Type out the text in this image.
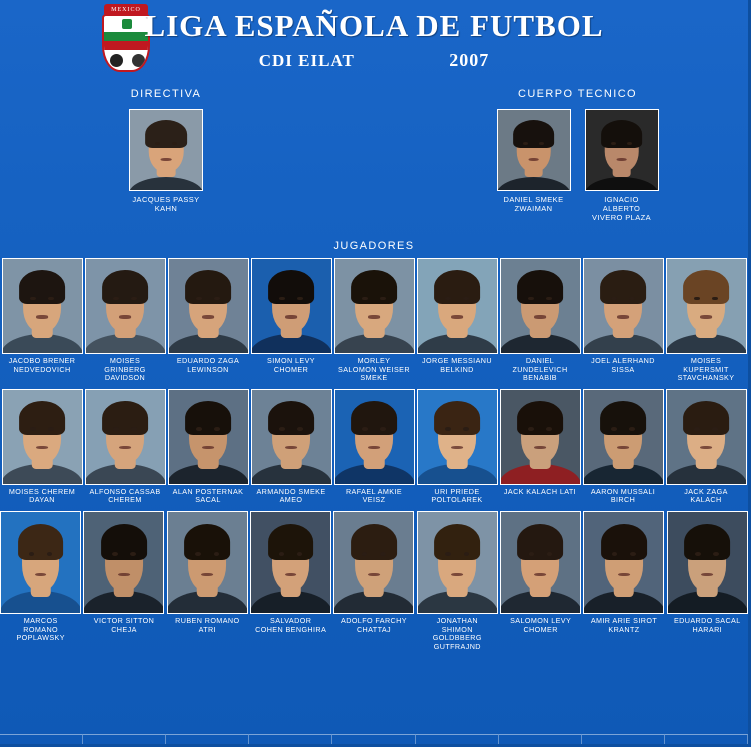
MEXICO LIGA ESPAÑOLA DE FUTBOL
CDI EILAT	2007
DIRECTIVA
JACQUES PASSY
KAHN
CUERPO TECNICO
DANIEL SMEKE
ZWAIMAN
IGNACIO ALBERTO
VIVERO PLAZA
JUGADORES
JACOBO BRENER
NEDVEDOVICH
MOISES
GRINBERG
DAVIDSON
EDUARDO ZAGA
LEWINSON
SIMON LEVY
CHOMER
MORLEY
SALOMON WEISER
SMEKE
JORGE MESSIANU
BELKIND
DANIEL
ZUNDELEVICH
BENABIB
JOEL ALERHAND
SISSA
MOISES
KUPERSMIT
STAVCHANSKY
MOISES CHEREM
DAYAN
ALFONSO CASSAB
CHEREM
ALAN POSTERNAK
SACAL
ARMANDO SMEKE
AMEO
RAFAEL AMKIE
VEISZ
URI PRIEDE
POLTOLAREK
JACK KALACH LATI	AARON MUSSALI
BIRCH
JACK ZAGA
KALACH
MARCOS
ROMANO
POPLAWSKY
VICTOR SITTON
CHEJA
RUBEN ROMANO
ATRI
SALVADOR
COHEN BENGHIRA
ADOLFO FARCHY
CHATTAJ
JONATHAN
SHIMON
GOLDBBERG
GUTFRAJND
SALOMON LEVY
CHOMER
AMIR ARIE SIROT
KRANTZ
EDUARDO SACAL
HARARI
